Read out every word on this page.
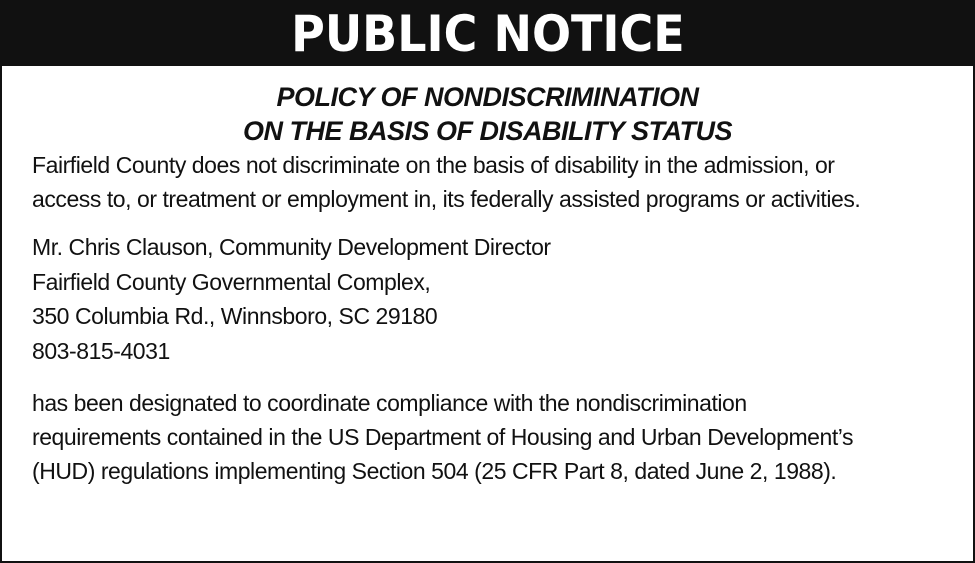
PUBLIC NOTICE

POLICY OF NONDISCRIMINATION

ON THE BASIS OF DISABILITY STATUS

Fairfield County does not discriminate on the basis of disability in the admission, or
access to, or treatment or employment in, its federally assisted programs or activities.

Mr. Chris Clauson, Community Development Director
Fairfield County Governmental Complex,
350 Columbia Rd., Winnsboro, SC 29180
803-815-4031

has been designated to coordinate compliance with the nondiscrimination
requirements contained in the US Department of Housing and Urban Development’s
(HUD) regulations implementing Section 504 (25 CFR Part 8, dated June 2, 1988).
